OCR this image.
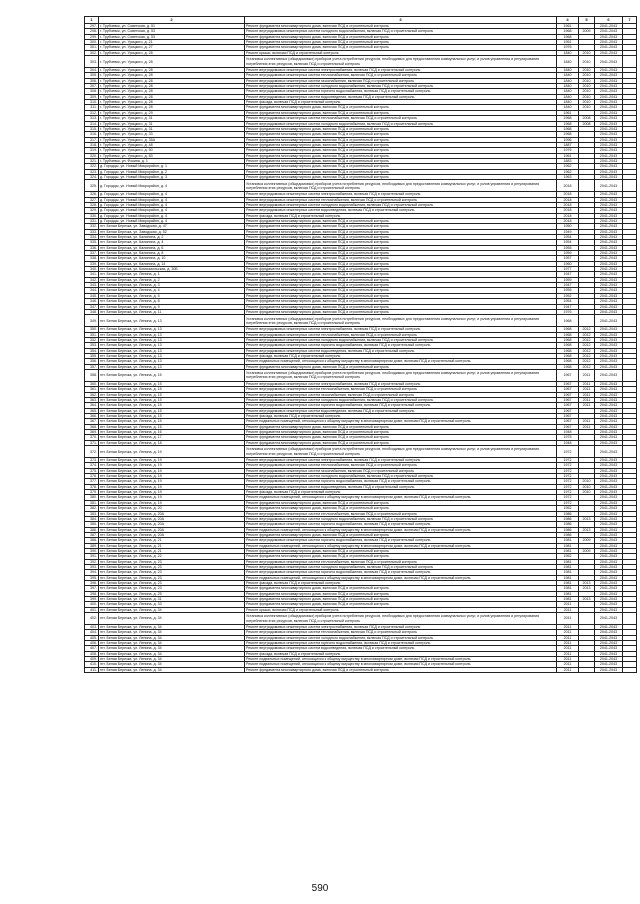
1	2	3	4	5	6	7
297.	г. Трубчевск, ул. Советская, д. 51	Ремонт фундамента многоквартирного дома, включая ПСД и строительный контроль	1961		2041-2043	
298.	г. Трубчевск, ул. Советская, д. 53	Ремонт внутридомовых инженерных систем холодного водоснабжения, включая ПСД и строительный контроль	1968	2009	2041-2043	
299.	г. Трубчевск, ул. Советская, д. 53	Ремонт фундамента многоквартирного дома, включая ПСД и строительный контроль	1968		2041-2043	
300.	г. Трубчевск, ул. Урицкого, д. 21	Ремонт фундамента многоквартирного дома, включая ПСД и строительный контроль	1951		2041-2043	
301.	г. Трубчевск, ул. Урицкого, д. 27	Ремонт фундамента многоквартирного дома, включая ПСД и строительный контроль	1976		2041-2043	
302.	г. Трубчевск, ул. Урицкого, д. 28	Ремонт крыши, включая ПСД и строительный контроль	1840	2010	2041-2043	
303.	г. Трубчевск, ул. Урицкого, д. 28	Установка коллективных (общедомовых) приборов учета потребления ресурсов, необходимых для предоставления коммунальных услуг, и узлов управления и регулирования потребления этих ресурсов, включая ПСД и строительный контроль	1840	2010	2041-2043	
304.	г. Трубчевск, ул. Урицкого, д. 28	Ремонт внутридомовых инженерных систем электроснабжения, включая ПСД и строительный контроль	1840	2010	2041-2043	
305.	г. Трубчевск, ул. Урицкого, д. 28	Ремонт внутридомовых инженерных систем теплоснабжения, включая ПСД и строительный контроль	1840	2010	2041-2043	
306.	г. Трубчевск, ул. Урицкого, д. 28	Ремонт внутридомовых инженерных систем газоснабжения, включая ПСД и строительный контроль	1840	2010	2041-2043	
307.	г. Трубчевск, ул. Урицкого, д. 28	Ремонт внутридомовых инженерных систем холодного водоснабжения, включая ПСД и строительный контроль	1840	2010	2041-2043	
308.	г. Трубчевск, ул. Урицкого, д. 28	Ремонт внутридомовых инженерных систем горячего водоснабжения, включая ПСД и строительный контроль	1840	2010	2041-2043	
309.	г. Трубчевск, ул. Урицкого, д. 28	Ремонт внутридомовых инженерных систем водоотведения, включая ПСД и строительный контроль	1840	2010	2041-2043	
310.	г. Трубчевск, ул. Урицкого, д. 28	Ремонт фасада, включая ПСД и строительный контроль	1840	2010	2041-2043	
311.	г. Трубчевск, ул. Урицкого, д. 28	Ремонт фундамента многоквартирного дома, включая ПСД и строительный контроль	1840	2010	2041-2043	
312.	г. Трубчевск, ул. Урицкого, д. 29	Ремонт фундамента многоквартирного дома, включая ПСД и строительный контроль	1961		2041-2043	
313.	г. Трубчевск, ул. Урицкого, д. 31	Ремонт внутридомовых инженерных систем теплоснабжения, включая ПСД и строительный контроль	1968	2008	2041-2043	
314.	г. Трубчевск, ул. Урицкого, д. 31	Ремонт внутридомовых инженерных систем холодного водоснабжения, включая ПСД и строительный контроль	1968	2008	2041-2043	
315.	г. Трубчевск, ул. Урицкого, д. 31	Ремонт фундамента многоквартирного дома, включая ПСД и строительный контроль	1968		2041-2043	
316.	г. Трубчевск, ул. Урицкого, д. 33	Ремонт фундамента многоквартирного дома, включая ПСД и строительный контроль	1968		2041-2043	
317.	г. Трубчевск, ул. Урицкого, д. 35А	Ремонт фундамента многоквартирного дома, включая ПСД и строительный контроль	1996		2041-2043	
318.	г. Трубчевск, ул. Урицкого, д. 48	Ремонт фундамента многоквартирного дома, включая ПСД и строительный контроль	1887		2041-2043	
319.	г. Трубчевск, ул. Урицкого, д. 50	Ремонт фундамента многоквартирного дома, включая ПСД и строительный контроль	1976		2041-2043	
320.	г. Трубчевск, ул. Урицкого, д. 83	Ремонт фундамента многоквартирного дома, включая ПСД и строительный контроль	1961		2041-2043	
321.	г. Трубчевск, ул. Фокина, д. 1	Ремонт фундамента многоквартирного дома, включая ПСД и строительный контроль	1883		2041-2043	
322.	д. Городцы, ул. Новый Микрорайон, д. 1	Ремонт фундамента многоквартирного дома, включая ПСД и строительный контроль	1962		2041-2043	
323.	д. Городцы, ул. Новый Микрорайон, д. 2	Ремонт фундамента многоквартирного дома, включая ПСД и строительный контроль	1962		2041-2043	
324.	д. Городцы, ул. Новый Микрорайон, д. 3	Ремонт фундамента многоквартирного дома, включая ПСД и строительный контроль	1963		2041-2043	
325.	д. Городцы, ул. Новый Микрорайон, д. 4	Установка коллективных (общедомовых) приборов учета потребления ресурсов, необходимых для предоставления коммунальных услуг, и узлов управления и регулирования потребления этих ресурсов, включая ПСД и строительный контроль	2018		2041-2043	
326.	д. Городцы, ул. Новый Микрорайон, д. 4	Ремонт внутридомовых инженерных систем электроснабжения, включая ПСД и строительный контроль	2018		2041-2043	
327.	д. Городцы, ул. Новый Микрорайон, д. 4	Ремонт внутридомовых инженерных систем теплоснабжения, включая ПСД и строительный контроль	2018		2041-2043	
328.	д. Городцы, ул. Новый Микрорайон, д. 4	Ремонт внутридомовых инженерных систем холодного водоснабжения, включая ПСД и строительный контроль	2018		2041-2043	
329.	д. Городцы, ул. Новый Микрорайон, д. 4	Ремонт внутридомовых инженерных систем водоотведения, включая ПСД и строительный контроль	2018		2041-2043	
330.	д. Городцы, ул. Новый Микрорайон, д. 4	Ремонт фасада, включая ПСД и строительный контроль	2018		2041-2043	
331.	д. Городцы, ул. Новый Микрорайон, д. 4	Ремонт фундамента многоквартирного дома, включая ПСД и строительный контроль	2018		2041-2043	
332.	пгт. Белая Березка, ул. Заводская, д. 47	Ремонт фундамента многоквартирного дома, включая ПСД и строительный контроль	1950		2041-2043	
333.	пгт. Белая Березка, ул. Заводская, д. 52	Ремонт фундамента многоквартирного дома, включая ПСД и строительный контроль	1949		2041-2043	
334.	пгт. Белая Березка, ул. Калинина, д. 2	Ремонт фундамента многоквартирного дома, включая ПСД и строительный контроль	1954		2041-2043	
335.	пгт. Белая Березка, ул. Калинина, д. 4	Ремонт фундамента многоквартирного дома, включая ПСД и строительный контроль	1954		2041-2043	
336.	пгт. Белая Березка, ул. Калинина, д. 6	Ремонт фундамента многоквартирного дома, включая ПСД и строительный контроль	1955		2041-2043	
337.	пгт. Белая Березка, ул. Калинина, д. 8	Ремонт фундамента многоквартирного дома, включая ПСД и строительный контроль	1959		2041-2043	
338.	пгт. Белая Березка, ул. Калинина, д. 10	Ремонт фундамента многоквартирного дома, включая ПСД и строительный контроль	1957		2041-2043	
339.	пгт. Белая Березка, ул. Калинина, д. 14	Ремонт фундамента многоквартирного дома, включая ПСД и строительный контроль	1960		2041-2043	
340.	пгт. Белая Березка, ул. Комсомольская, д. 30Б	Ремонт фундамента многоквартирного дома, включая ПСД и строительный контроль	1977		2041-2043	
341.	пгт. Белая Березка, ул. Ленина, д. 1	Ремонт фундамента многоквартирного дома, включая ПСД и строительный контроль	1947		2041-2043	
342.	пгт. Белая Березка, ул. Ленина, д. 2	Ремонт фундамента многоквартирного дома, включая ПСД и строительный контроль	1959		2041-2043	
343.	пгт. Белая Березка, ул. Ленина, д. 3	Ремонт фундамента многоквартирного дома, включая ПСД и строительный контроль	1947		2041-2043	
344.	пгт. Белая Березка, ул. Ленина, д. 4	Ремонт фундамента многоквартирного дома, включая ПСД и строительный контроль	1955		2041-2043	
345.	пгт. Белая Березка, ул. Ленина, д. 5	Ремонт фундамента многоквартирного дома, включая ПСД и строительный контроль	1952		2041-2043	
346.	пгт. Белая Березка, ул. Ленина, д. 8	Ремонт фундамента многоквартирного дома, включая ПСД и строительный контроль	1954		2041-2043	
347.	пгт. Белая Березка, ул. Ленина, д. 9	Ремонт фундамента многоквартирного дома, включая ПСД и строительный контроль	1947		2041-2043	
348.	пгт. Белая Березка, ул. Ленина, д. 11	Ремонт фундамента многоквартирного дома, включая ПСД и строительный контроль	1976		2041-2043	
349.	пгт. Белая Березка, ул. Ленина, д. 13	Установка коллективных (общедомовых) приборов учета потребления ресурсов, необходимых для предоставления коммунальных услуг, и узлов управления и регулирования потребления этих ресурсов, включая ПСД и строительный контроль	1968		2041-2043	
350.	пгт. Белая Березка, ул. Ленина, д. 13	Ремонт внутридомовых инженерных систем электроснабжения, включая ПСД и строительный контроль	1968	2012	2041-2043	
351.	пгт. Белая Березка, ул. Ленина, д. 13	Ремонт внутридомовых инженерных систем теплоснабжения, включая ПСД и строительный контроль	1968	2012	2041-2043	
352.	пгт. Белая Березка, ул. Ленина, д. 13	Ремонт внутридомовых инженерных систем холодного водоснабжения, включая ПСД и строительный контроль	1968	2012	2041-2043	
353.	пгт. Белая Березка, ул. Ленина, д. 13	Ремонт внутридомовых инженерных систем горячего водоснабжения, включая ПСД и строительный контроль	1968	2012	2041-2043	
354.	пгт. Белая Березка, ул. Ленина, д. 13	Ремонт внутридомовых инженерных систем водоотведения, включая ПСД и строительный контроль	1968	2012	2041-2043	
355.	пгт. Белая Березка, ул. Ленина, д. 13	Ремонт фасада, включая ПСД и строительный контроль	1968	2012	2041-2043	
356.	пгт. Белая Березка, ул. Ленина, д. 13	Ремонт подвальных помещений, относящихся к общему имуществу в многоквартирном доме, включая ПСД и строительный контроль	1968	2012	2041-2043	
357.	пгт. Белая Березка, ул. Ленина, д. 13	Ремонт фундамента многоквартирного дома, включая ПСД и строительный контроль	1968	2012	2041-2043	
358.	пгт. Белая Березка, ул. Ленина, д. 15	Установка коллективных (общедомовых) приборов учета потребления ресурсов, необходимых для предоставления коммунальных услуг, и узлов управления и регулирования потребления этих ресурсов, включая ПСД и строительный контроль	1967	2011	2041-2043	
360.	пгт. Белая Березка, ул. Ленина, д. 15	Ремонт внутридомовых инженерных систем электроснабжения, включая ПСД и строительный контроль	1967	2011	2041-2043	
361.	пгт. Белая Березка, ул. Ленина, д. 15	Ремонт внутридомовых инженерных систем теплоснабжения, включая ПСД и строительный контроль	1967	2011	2041-2043	
362.	пгт. Белая Березка, ул. Ленина, д. 15	Ремонт внутридомовых инженерных систем газоснабжения, включая ПСД и строительный контроль	1967	2011	2041-2043	
363.	пгт. Белая Березка, ул. Ленина, д. 15	Ремонт внутридомовых инженерных систем холодного водоснабжения, включая ПСД и строительный контроль	1967	2011	2041-2043	
364.	пгт. Белая Березка, ул. Ленина, д. 15	Ремонт внутридомовых инженерных систем горячего водоснабжения, включая ПСД и строительный контроль	1967	2011	2041-2043	
365.	пгт. Белая Березка, ул. Ленина, д. 15	Ремонт внутридомовых инженерных систем водоотведения, включая ПСД и строительный контроль	1967		2041-2043	
366.	пгт. Белая Березка, ул. Ленина, д. 15	Ремонт фасада, включая ПСД и строительный контроль	1967		2041-2043	
367.	пгт. Белая Березка, ул. Ленина, д. 15	Ремонт подвальных помещений, относящихся к общему имуществу в многоквартирном доме, включая ПСД и строительный контроль	1967	2011	2041-2043	
368.	пгт. Белая Березка, ул. Ленина, д. 15	Ремонт фундамента многоквартирного дома, включая ПСД и строительный контроль	1967	2011	2041-2043	
369.	пгт. Белая Березка, ул. Ленина, д. 16	Ремонт фундамента многоквартирного дома, включая ПСД и строительный контроль	1948		2041-2043	
370.	пгт. Белая Березка, ул. Ленина, д. 17	Ремонт фундамента многоквартирного дома, включая ПСД и строительный контроль	1975		2041-2043	
371.	пгт. Белая Березка, ул. Ленина, д. 18	Ремонт фундамента многоквартирного дома, включая ПСД и строительный контроль	1948		2041-2043	
372.	пгт. Белая Березка, ул. Ленина, д. 19	Установка коллективных (общедомовых) приборов учета потребления ресурсов, необходимых для предоставления коммунальных услуг, и узлов управления и регулирования потребления этих ресурсов, включая ПСД и строительный контроль	1972		2041-2043	
373.	пгт. Белая Березка, ул. Ленина, д. 19	Ремонт внутридомовых инженерных систем электроснабжения, включая ПСД и строительный контроль	1972		2041-2043	
374.	пгт. Белая Березка, ул. Ленина, д. 19	Ремонт внутридомовых инженерных систем теплоснабжения, включая ПСД и строительный контроль	1972		2041-2043	
375.	пгт. Белая Березка, ул. Ленина, д. 19	Ремонт внутридомовых инженерных систем газоснабжения, включая ПСД и строительный контроль	1972		2041-2043	
376.	пгт. Белая Березка, ул. Ленина, д. 19	Ремонт внутридомовых инженерных систем холодного водоснабжения, включая ПСД и строительный контроль	1972		2041-2043	
377.	пгт. Белая Березка, ул. Ленина, д. 19	Ремонт внутридомовых инженерных систем горячего водоснабжения, включая ПСД и строительный контроль	1972	2010	2041-2043	
378.	пгт. Белая Березка, ул. Ленина, д. 19	Ремонт внутридомовых инженерных систем водоотведения, включая ПСД и строительный контроль	1972	2010	2041-2043	
379.	пгт. Белая Березка, ул. Ленина, д. 19	Ремонт фасада, включая ПСД и строительный контроль	1972	2010	2041-2043	
380.	пгт. Белая Березка, ул. Ленина, д. 19	Ремонт подвальных помещений, относящихся к общему имуществу в многоквартирном доме, включая ПСД и строительный контроль	1972		2041-2043	
381.	пгт. Белая Березка, ул. Ленина, д. 19	Ремонт фундамента многоквартирного дома, включая ПСД и строительный контроль	1972		2041-2043	
382.	пгт. Белая Березка, ул. Ленина, д. 20	Ремонт фундамента многоквартирного дома, включая ПСД и строительный контроль	1952		2041-2043	
383.	пгт. Белая Березка, ул. Ленина, д. 20А	Ремонт внутридомовых инженерных систем теплоснабжения, включая ПСД и строительный контроль	1986		2041-2043	
384.	пгт. Белая Березка, ул. Ленина, д. 20А	Ремонт внутридомовых инженерных систем холодного водоснабжения, включая ПСД и строительный контроль	1986	2013	2041-2043	
385.	пгт. Белая Березка, ул. Ленина, д. 20А	Ремонт внутридомовых инженерных систем горячего водоснабжения, включая ПСД и строительный контроль	1986		2041-2043	
386.	пгт. Белая Березка, ул. Ленина, д. 20А	Ремонт подвальных помещений, относящихся к общему имуществу в многоквартирном доме, включая ПСД и строительный контроль	1986	2013	2041-2043	
387.	пгт. Белая Березка, ул. Ленина, д. 20А	Ремонт фундамента многоквартирного дома, включая ПСД и строительный контроль	1986		2041-2043	
388.	пгт. Белая Березка, ул. Ленина, д. 21	Ремонт внутридомовых инженерных систем горячего водоснабжения, включая ПСД и строительный контроль	1981	2009	2041-2043	
389.	пгт. Белая Березка, ул. Ленина, д. 21	Ремонт подвальных помещений, относящихся к общему имуществу в многоквартирном доме, включая ПСД и строительный контроль	1981		2041-2043	
390.	пгт. Белая Березка, ул. Ленина, д. 21	Ремонт фундамента многоквартирного дома, включая ПСД и строительный контроль	1981	2009	2041-2043	
391.	пгт. Белая Березка, ул. Ленина, д. 22	Ремонт фундамента многоквартирного дома, включая ПСД и строительный контроль	1952		2041-2043	
392.	пгт. Белая Березка, ул. Ленина, д. 23	Ремонт внутридомовых инженерных систем теплоснабжения, включая ПСД и строительный контроль	1981		2041-2043	
393.	пгт. Белая Березка, ул. Ленина, д. 23	Ремонт внутридомовых инженерных систем холодного водоснабжения, включая ПСД и строительный контроль	1981		2041-2043	
394.	пгт. Белая Березка, ул. Ленина, д. 23	Ремонт внутридомовых инженерных систем горячего водоснабжения, включая ПСД и строительный контроль	1981		2041-2043	
395.	пгт. Белая Березка, ул. Ленина, д. 23	Ремонт подвальных помещений, относящихся к общему имуществу в многоквартирном доме, включая ПСД и строительный контроль	1981		2041-2043	
396.	пгт. Белая Березка, ул. Ленина, д. 23	Ремонт фасада, включая ПСД и строительный контроль	1981	2013	2041-2043	
397.	пгт. Белая Березка, ул. Ленина, д. 23	Ремонт фундамента многоквартирного дома, включая ПСД и строительный контроль	1981	2013	2041-2043	
398.	пгт. Белая Березка, ул. Ленина, д. 25	Ремонт фундамента многоквартирного дома, включая ПСД и строительный контроль	1981		2041-2043	
399.	пгт. Белая Березка, ул. Ленина, д. 31	Ремонт фундамента многоквартирного дома, включая ПСД и строительный контроль	1981	2013	2041-2043	
400.	пгт. Белая Березка, ул. Ленина, д. 33	Ремонт фундамента многоквартирного дома, включая ПСД и строительный контроль	2011		2041-2043	
401.	пгт. Белая Березка, ул. Ленина, д. 34	Ремонт крыши, включая ПСД и строительный контроль	2011		2041-2043	
402.	пгт. Белая Березка, ул. Ленина, д. 34	Установка коллективных (общедомовых) приборов учета потребления ресурсов, необходимых для предоставления коммунальных услуг, и узлов управления и регулирования потребления этих ресурсов, включая ПСД и строительный контроль	2011		2041-2043	
403.	пгт. Белая Березка, ул. Ленина, д. 34	Ремонт внутридомовых инженерных систем электроснабжения, включая ПСД и строительный контроль	2011		2041-2043	
404.	пгт. Белая Березка, ул. Ленина, д. 34	Ремонт внутридомовых инженерных систем теплоснабжения, включая ПСД и строительный контроль	2011		2041-2043	
405.	пгт. Белая Березка, ул. Ленина, д. 34	Ремонт внутридомовых инженерных систем холодного водоснабжения, включая ПСД и строительный контроль	2011		2041-2043	
406.	пгт. Белая Березка, ул. Ленина, д. 34	Ремонт внутридомовых инженерных систем горячего водоснабжения, включая ПСД и строительный контроль	2011		2041-2043	
407.	пгт. Белая Березка, ул. Ленина, д. 34	Ремонт внутридомовых инженерных систем водоотведения, включая ПСД и строительный контроль	2011		2041-2043	
408.	пгт. Белая Березка, ул. Ленина, д. 34	Ремонт фасада, включая ПСД и строительный контроль	2011		2041-2043	
409.	пгт. Белая Березка, ул. Ленина, д. 34	Ремонт подвальных помещений, относящихся к общему имуществу в многоквартирном доме, включая ПСД и строительный контроль	2011		2041-2043	
410.	пгт. Белая Березка, ул. Ленина, д. 34	Ремонт подвальных помещений, относящихся к общему имуществу в многоквартирном доме, включая ПСД и строительный контроль	2011		2041-2043	
411.	пгт. Белая Березка, ул. Ленина, д. 34	Ремонт фундамента многоквартирного дома, включая ПСД и строительный контроль	2011		2041-2043	
590
